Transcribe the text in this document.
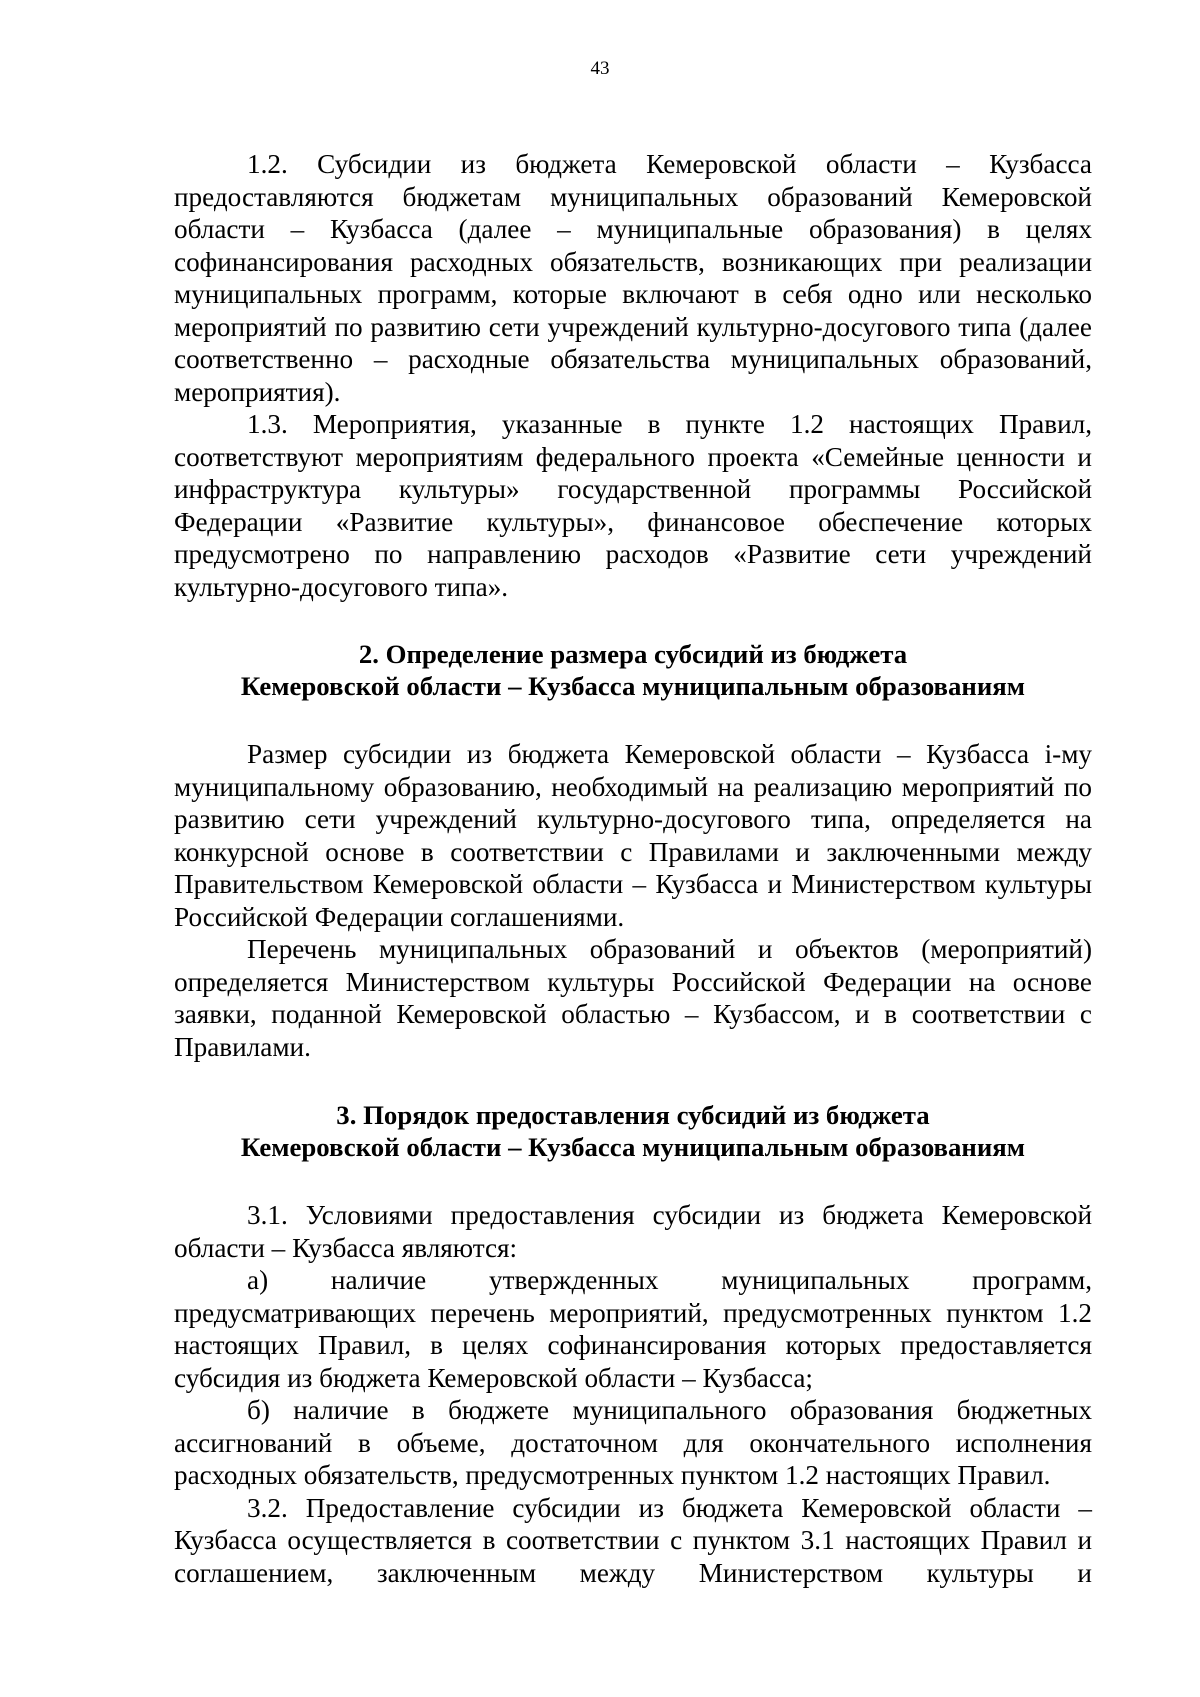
43

1.2. Субсидии из бюджета Кемеровской области – Кузбасса предоставляются бюджетам муниципальных образований Кемеровской области – Кузбасса (далее – муниципальные образования) в целях софинансирования расходных обязательств, возникающих при реализации муниципальных программ, которые включают в себя одно или несколько мероприятий по развитию сети учреждений культурно-досугового типа (далее соответственно – расходные обязательства муниципальных образований, мероприятия).

1.3. Мероприятия, указанные в пункте 1.2 настоящих Правил, соответствуют мероприятиям федерального проекта «Семейные ценности и инфраструктура культуры» государственной программы Российской Федерации «Развитие культуры», финансовое обеспечение которых предусмотрено по направлению расходов «Развитие сети учреждений культурно-досугового типа».

2. Определение размера субсидий из бюджета
Кемеровской области – Кузбасса муниципальным образованиям

Размер субсидии из бюджета Кемеровской области – Кузбасса i-му муниципальному образованию, необходимый на реализацию мероприятий по развитию сети учреждений культурно-досугового типа, определяется на конкурсной основе в соответствии с Правилами и заключенными между Правительством Кемеровской области – Кузбасса и Министерством культуры Российской Федерации соглашениями.

Перечень муниципальных образований и объектов (мероприятий) определяется Министерством культуры Российской Федерации на основе заявки, поданной Кемеровской областью – Кузбассом, и в соответствии с Правилами.

3. Порядок предоставления субсидий из бюджета
Кемеровской области – Кузбасса муниципальным образованиям

3.1. Условиями предоставления субсидии из бюджета Кемеровской области – Кузбасса являются:

а) наличие утвержденных муниципальных программ, предусматривающих перечень мероприятий, предусмотренных пунктом 1.2 настоящих Правил, в целях софинансирования которых предоставляется субсидия из бюджета Кемеровской области – Кузбасса;

б) наличие в бюджете муниципального образования бюджетных ассигнований в объеме, достаточном для окончательного исполнения расходных обязательств, предусмотренных пунктом 1.2 настоящих Правил.

3.2. Предоставление субсидии из бюджета Кемеровской области – Кузбасса осуществляется в соответствии с пунктом 3.1 настоящих Правил и соглашением, заключенным между Министерством культуры и
